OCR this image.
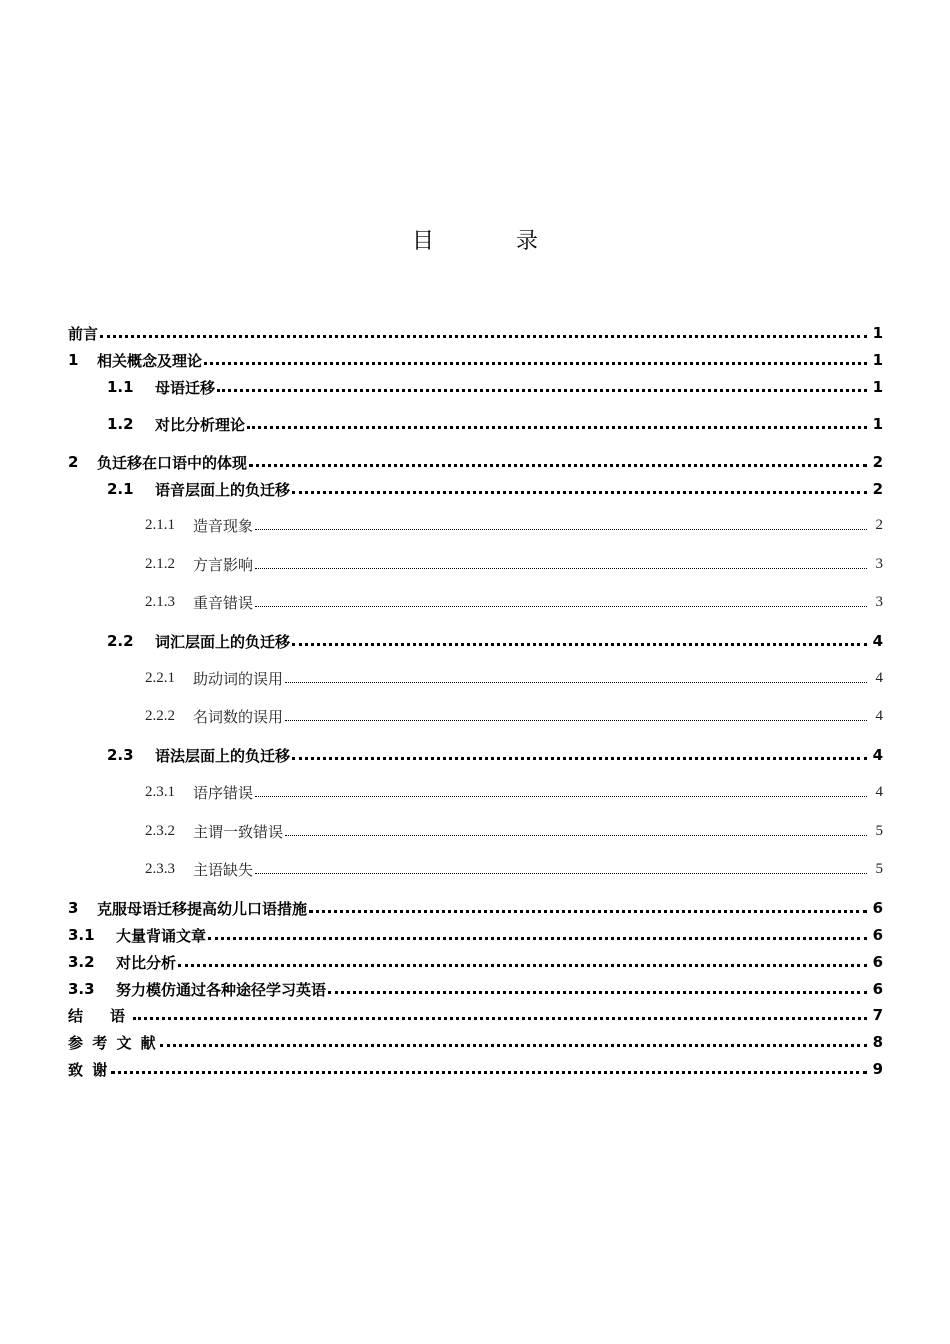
目　录
前言	1
1	相关概念及理论	1
1.1	母语迁移	1
1.2	对比分析理论	1
2	负迁移在口语中的体现	2
2.1	语音层面上的负迁移	2
2.1.1	造音现象	2
2.1.2	方言影响	3
2.1.3	重音错误	3
2.2	词汇层面上的负迁移	4
2.2.1	助动词的误用	4
2.2.2	名词数的误用	4
2.3	语法层面上的负迁移	4
2.3.1	语序错误	4
2.3.2	主谓一致错误	5
2.3.3	主语缺失	5
3	克服母语迁移提高幼儿口语措施	6
3.1	大量背诵文章	6
3.2	对比分析	6
3.3	努力模仿通过各种途径学习英语	6
结　语	7
参 考 文 献	8
致 谢	9
